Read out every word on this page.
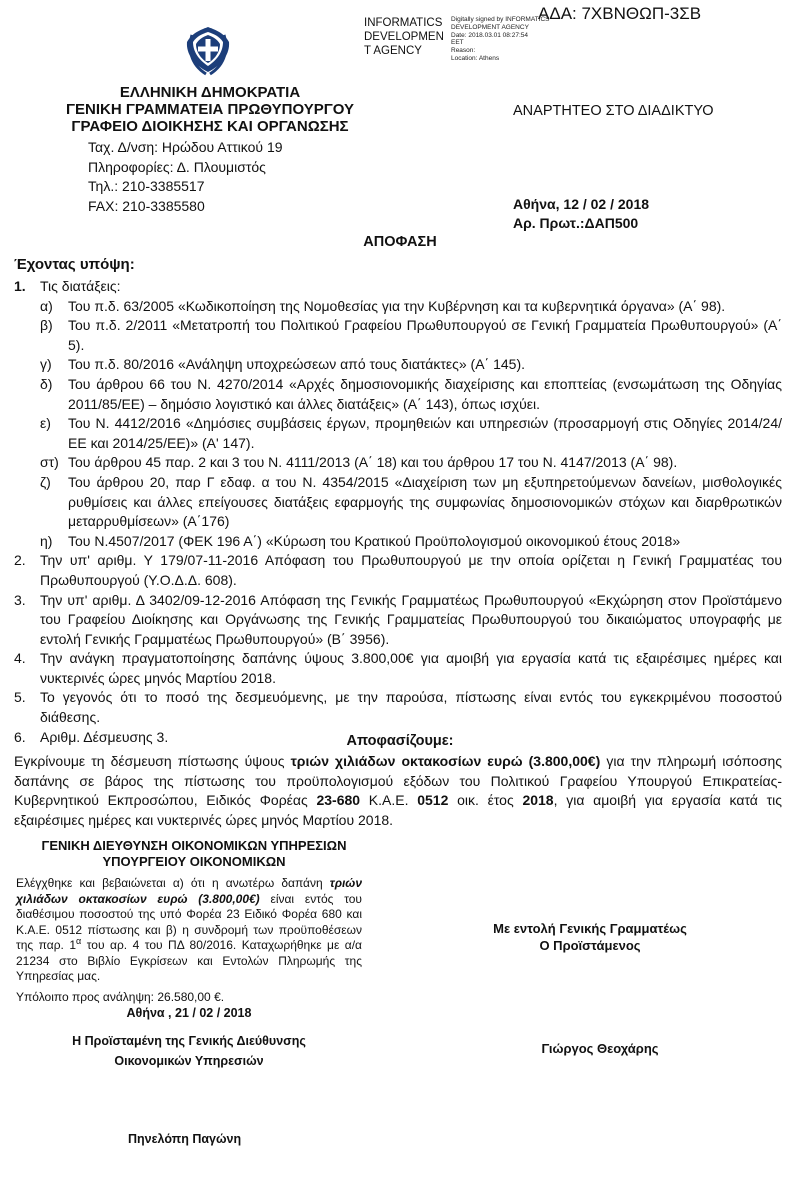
ΑΔΑ: 7ΧΒΝΘΩΠ-3ΣΒ
INFORMATICS DEVELOPMEN T AGENCY
Digitally signed by INFORMATICS
DEVELOPMENT AGENCY
Date: 2018.03.01 08:27:54
EET
Reason:
Location: Athens
ΕΛΛΗΝΙΚΗ ΔΗΜΟΚΡΑΤΙΑ
ΓΕΝΙΚΗ ΓΡΑΜΜΑΤΕΙΑ ΠΡΩΘΥΠΟΥΡΓΟΥ
ΓΡΑΦΕΙΟ ΔΙΟΙΚΗΣΗΣ ΚΑΙ ΟΡΓΑΝΩΣΗΣ
Ταχ. Δ/νση: Ηρώδου Αττικού 19
Πληροφορίες: Δ. Πλουμιστός
Τηλ.: 210-3385517
FAX: 210-3385580
ΑΝΑΡΤΗΤΕΟ ΣΤΟ ΔΙΑΔΙΚΤΥΟ
Αθήνα, 12 / 02 / 2018
Αρ. Πρωτ.:ΔΑΠ500
ΑΠΟΦΑΣΗ
Έχοντας υπόψη:
1.	Τις διατάξεις:
α)	Του π.δ. 63/2005 «Κωδικοποίηση της Νομοθεσίας για την Κυβέρνηση και τα κυβερνητικά όργανα» (Α΄ 98).
β)	Του π.δ. 2/2011 «Μετατροπή του Πολιτικού Γραφείου Πρωθυπουργού σε Γενική Γραμματεία Πρωθυπουργού» (Α΄ 5).
γ)	Του π.δ. 80/2016 «Ανάληψη υποχρεώσεων από τους διατάκτες» (Α΄ 145).
δ)	Του άρθρου 66 του Ν. 4270/2014 «Αρχές δημοσιονομικής διαχείρισης και εποπτείας (ενσωμάτωση της Οδηγίας 2011/85/ΕΕ) – δημόσιο λογιστικό και άλλες διατάξεις» (Α΄ 143), όπως ισχύει.
ε)	Του Ν. 4412/2016 «Δημόσιες συμβάσεις έργων, προμηθειών και υπηρεσιών (προσαρμογή στις Οδηγίες 2014/24/ΕΕ και 2014/25/ΕΕ)» (Α' 147).
στ) Του άρθρου 45 παρ. 2 και 3 του Ν. 4111/2013 (Α΄ 18) και του άρθρου 17 του Ν. 4147/2013 (Α΄ 98).
ζ)	Του άρθρου 20, παρ Γ εδαφ. α του Ν. 4354/2015 «Διαχείριση των μη εξυπηρετούμενων δανείων, μισθολογικές ρυθμίσεις και άλλες επείγουσες διατάξεις εφαρμογής της συμφωνίας δημοσιονομικών στόχων και διαρθρωτικών μεταρρυθμίσεων» (Α΄176)
η)	Του Ν.4507/2017 (ΦΕΚ 196 Α΄) «Κύρωση του Κρατικού Προϋπολογισμού οικονομικού έτους 2018»
2.	Την υπ' αριθμ. Υ 179/07-11-2016 Απόφαση του Πρωθυπουργού με την οποία ορίζεται η Γενική Γραμματέας του Πρωθυπουργού (Υ.Ο.Δ.Δ. 608).
3.	Την υπ' αριθμ. Δ 3402/09-12-2016 Απόφαση της Γενικής Γραμματέως Πρωθυπουργού «Εκχώρηση στον Προϊστάμενο του Γραφείου Διοίκησης και Οργάνωσης της Γενικής Γραμματείας Πρωθυπουργού του δικαιώματος υπογραφής με εντολή Γενικής Γραμματέως Πρωθυπουργού» (Β΄ 3956).
4.	Την ανάγκη πραγματοποίησης δαπάνης ύψους 3.800,00€ για αμοιβή για εργασία κατά τις εξαιρέσιμες ημέρες και νυκτερινές ώρες μηνός Μαρτίου 2018.
5.	Το γεγονός ότι το ποσό της δεσμευόμενης, με την παρούσα, πίστωσης είναι εντός του εγκεκριμένου ποσοστού διάθεσης.
6.	Αριθμ. Δέσμευσης 3.	Αποφασίζουμε:
Εγκρίνουμε τη δέσμευση πίστωσης ύψους τριών χιλιάδων οκτακοσίων ευρώ (3.800,00€) για την πληρωμή ισόποσης δαπάνης σε βάρος της πίστωσης του προϋπολογισμού εξόδων του Πολιτικού Γραφείου Υπουργού Επικρατείας-Κυβερνητικού Εκπροσώπου, Ειδικός Φορέας 23-680 Κ.Α.Ε. 0512 οικ. έτος 2018, για αμοιβή για εργασία κατά τις εξαιρέσιμες ημέρες και νυκτερινές ώρες μηνός Μαρτίου 2018.
ΓΕΝΙΚΗ ΔΙΕΥΘΥΝΣΗ ΟΙΚΟΝΟΜΙΚΩΝ ΥΠΗΡΕΣΙΩΝ
ΥΠΟΥΡΓΕΙΟΥ ΟΙΚΟΝΟΜΙΚΩΝ
Ελέγχθηκε και βεβαιώνεται α) ότι η ανωτέρω δαπάνη τριών χιλιάδων οκτακοσίων ευρώ (3.800,00€) είναι εντός του διαθέσιμου ποσοστού της υπό Φορέα 23 Ειδικό Φορέα 680 και Κ.Α.Ε. 0512 πίστωσης και β) η συνδρομή των προϋποθέσεων της παρ. $1^\alpha$ του αρ. 4 του ΠΔ 80/2016. Καταχωρήθηκε με α/α 21234 στο Βιβλίο Εγκρίσεων και Εντολών Πληρωμής της Υπηρεσίας μας.
Υπόλοιπο προς ανάληψη: 26.580,00 €.
Αθήνα , 21 / 02 / 2018
Η Προϊσταμένη της Γενικής Διεύθυνσης
Οικονομικών Υπηρεσιών
Πηνελόπη Παγώνη
Με εντολή Γενικής Γραμματέως
Ο Προϊστάμενος
Γιώργος Θεοχάρης
